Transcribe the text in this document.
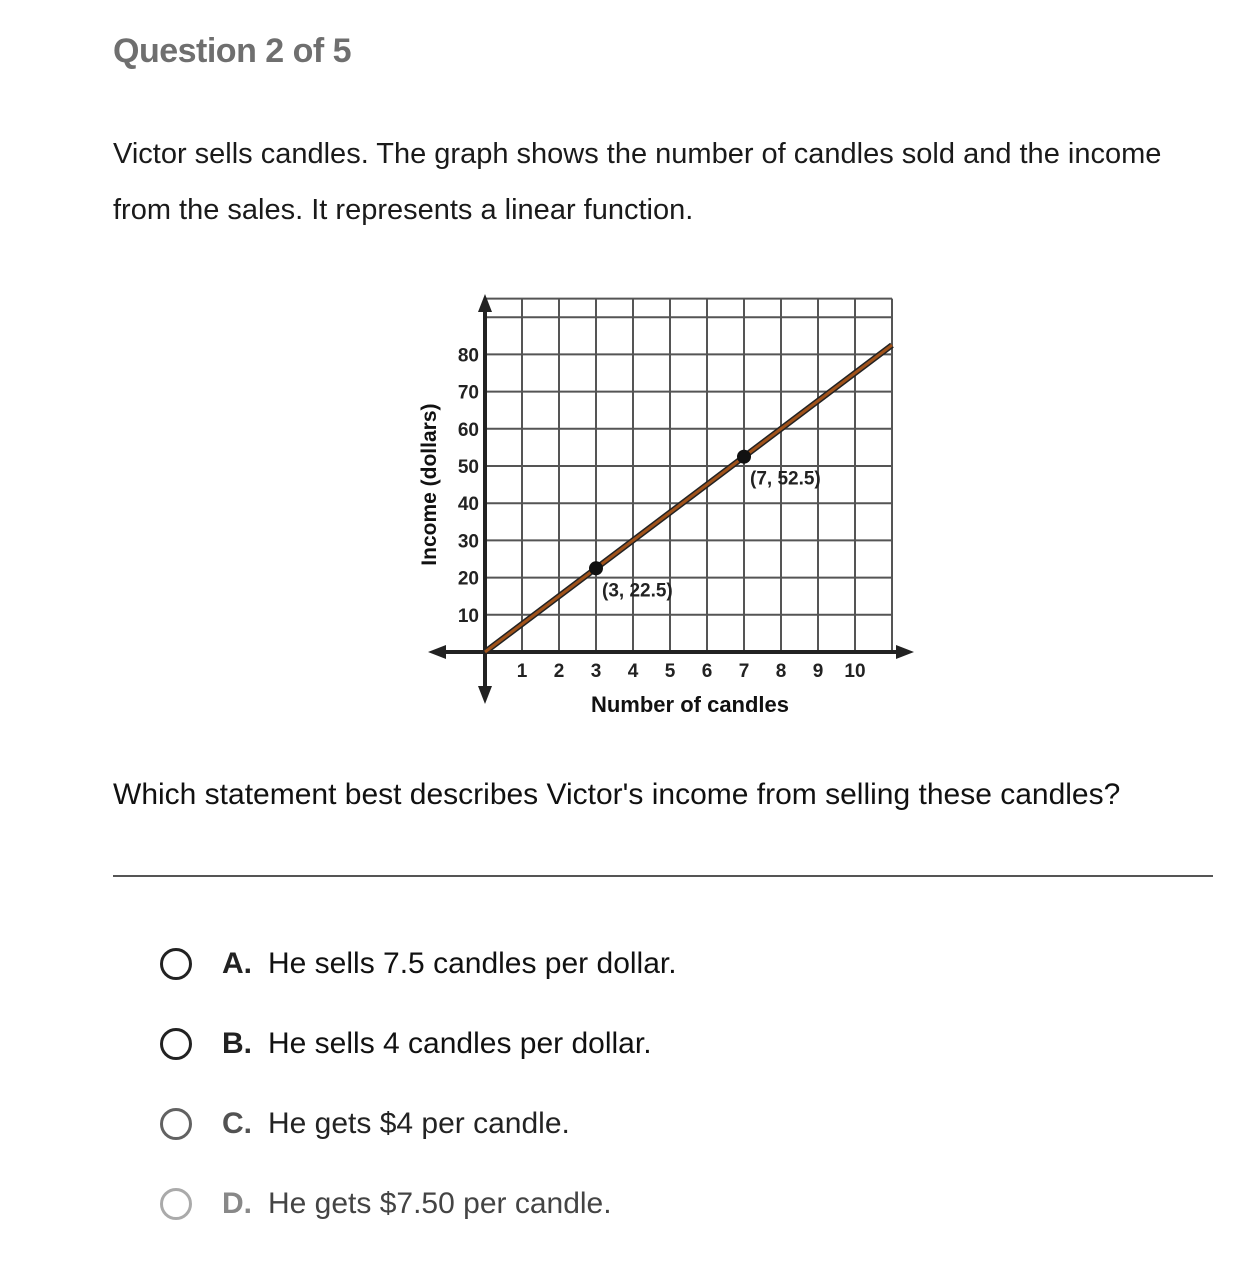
Question 2 of 5
Victor sells candles. The graph shows the number of candles sold and the income from the sales. It represents a linear function.
1 2 3 4 5 6 7 8 9 10
10
20
30
40
50
60
70
80
Number of candles
Income (dollars)
(3, 22.5)
(7, 52.5)
Which statement best describes Victor's income from selling these candles?
A. He sells 7.5 candles per dollar.
B. He sells 4 candles per dollar.
C. He gets $4 per candle.
D. He gets $7.50 per candle.
